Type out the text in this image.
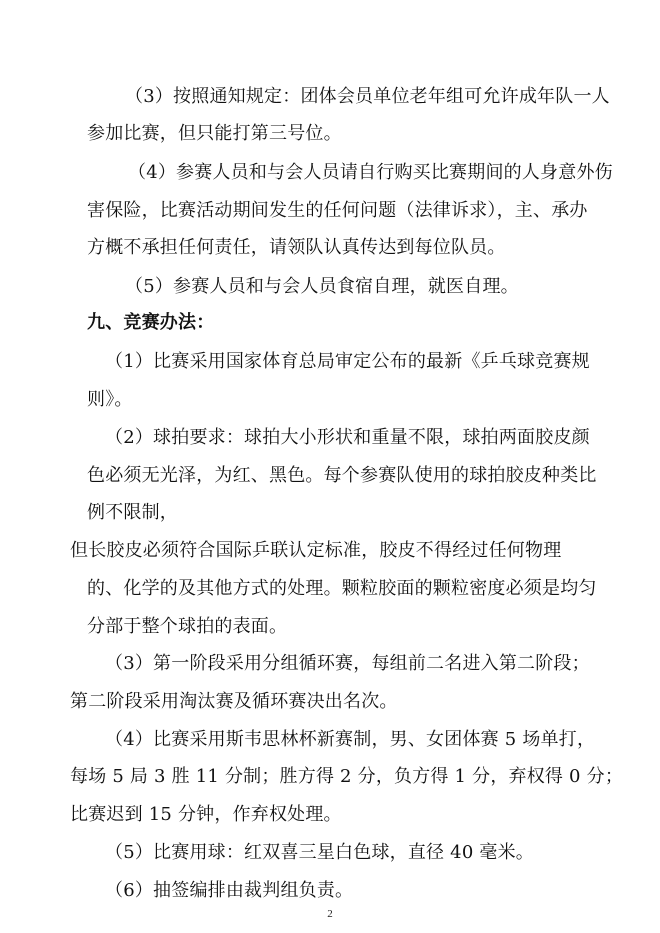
（3）按照通知规定：团体会员单位老年组可允许成年队一人

参加比赛，但只能打第三号位。

（4）参赛人员和与会人员请自行购买比赛期间的人身意外伤

害保险，比赛活动期间发生的任何问题（法律诉求），主、承办

方概不承担任何责任，请领队认真传达到每位队员。

（5）参赛人员和与会人员食宿自理，就医自理。

九、竞赛办法：

（1）比赛采用国家体育总局审定公布的最新《乒乓球竞赛规

则》。

（2）球拍要求：球拍大小形状和重量不限，球拍两面胶皮颜

色必须无光泽，为红、黑色。每个参赛队使用的球拍胶皮种类比

例不限制，

但长胶皮必须符合国际乒联认定标准，胶皮不得经过任何物理

的、化学的及其他方式的处理。颗粒胶面的颗粒密度必须是均匀

分部于整个球拍的表面。

（3）第一阶段采用分组循环赛，每组前二名进入第二阶段；

第二阶段采用淘汰赛及循环赛决出名次。

（4）比赛采用斯韦思林杯新赛制，男、女团体赛 5 场单打，

每场 5 局 3 胜 11 分制；胜方得 2 分，负方得 1 分，弃权得 0 分；

比赛迟到 15 分钟，作弃权处理。

（5）比赛用球：红双喜三星白色球，直径 40 毫米。

（6）抽签编排由裁判组负责。

2
